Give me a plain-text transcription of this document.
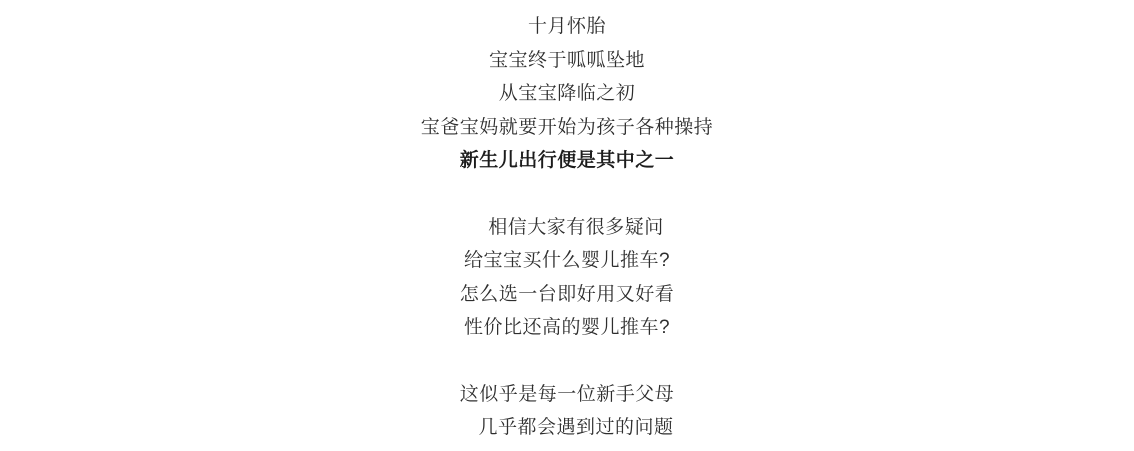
十月怀胎
宝宝终于呱呱坠地
从宝宝降临之初
宝爸宝妈就要开始为孩子各种操持
新生儿出行便是其中之一
相信大家有很多疑问
给宝宝买什么婴儿推车?
怎么选一台即好用又好看
性价比还高的婴儿推车?
这似乎是每一位新手父母
几乎都会遇到过的问题
